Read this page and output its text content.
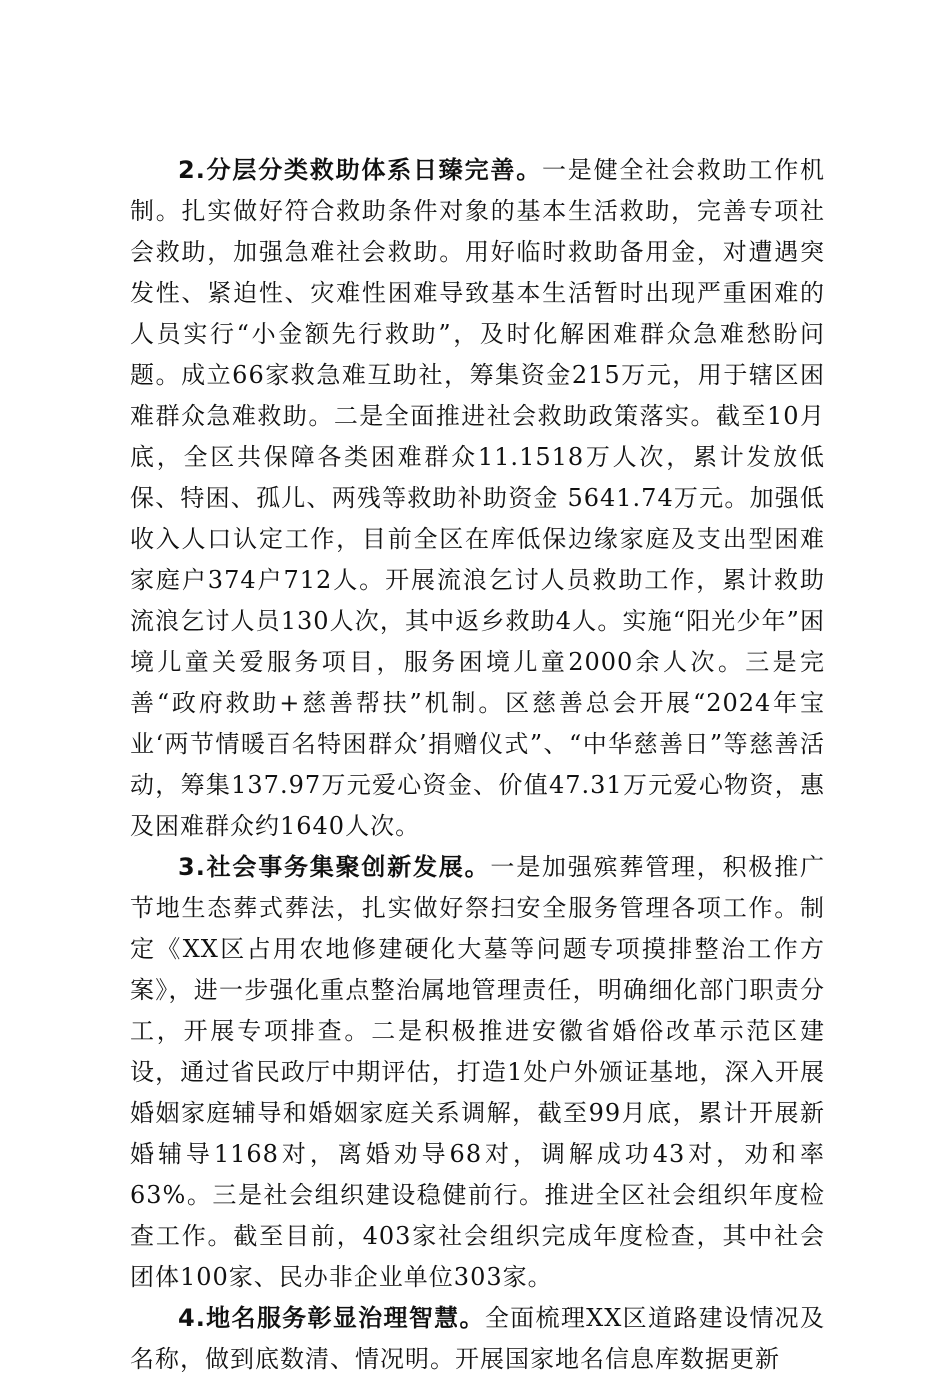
2.分层分类救助体系日臻完善。一是健全社会救助工作机制。扎实做好符合救助条件对象的基本生活救助，完善专项社会救助，加强急难社会救助。用好临时救助备用金，对遭遇突发性、紧迫性、灾难性困难导致基本生活暂时出现严重困难的人员实行“小金额先行救助”，及时化解困难群众急难愁盼问题。成立66家救急难互助社，筹集资金215万元，用于辖区困难群众急难救助。二是全面推进社会救助政策落实。截至10月底，全区共保障各类困难群众11.1518万人次，累计发放低保、特困、孤儿、两残等救助补助资金 5641.74万元。加强低收入人口认定工作，目前全区在库低保边缘家庭及支出型困难家庭户374户712人。开展流浪乞讨人员救助工作，累计救助流浪乞讨人员130人次，其中返乡救助4人。实施“阳光少年”困境儿童关爱服务项目，服务困境儿童2000余人次。三是完善“政府救助+慈善帮扶”机制。区慈善总会开展“2024年宝业‘两节情暖百名特困群众’捐赠仪式”、“中华慈善日”等慈善活动，筹集137.97万元爱心资金、价值47.31万元爱心物资，惠及困难群众约1640人次。

3.社会事务集聚创新发展。一是加强殡葬管理，积极推广节地生态葬式葬法，扎实做好祭扫安全服务管理各项工作。制定《XX区占用农地修建硬化大墓等问题专项摸排整治工作方案》，进一步强化重点整治属地管理责任，明确细化部门职责分工，开展专项排查。二是积极推进安徽省婚俗改革示范区建设，通过省民政厅中期评估，打造1处户外颁证基地，深入开展婚姻家庭辅导和婚姻家庭关系调解，截至99月底，累计开展新婚辅导1168对，离婚劝导68对，调解成功43对，劝和率63%。三是社会组织建设稳健前行。推进全区社会组织年度检查工作。截至目前，403家社会组织完成年度检查，其中社会团体100家、民办非企业单位303家。

4.地名服务彰显治理智慧。全面梳理XX区道路建设情况及名称，做到底数清、情况明。开展国家地名信息库数据更新
